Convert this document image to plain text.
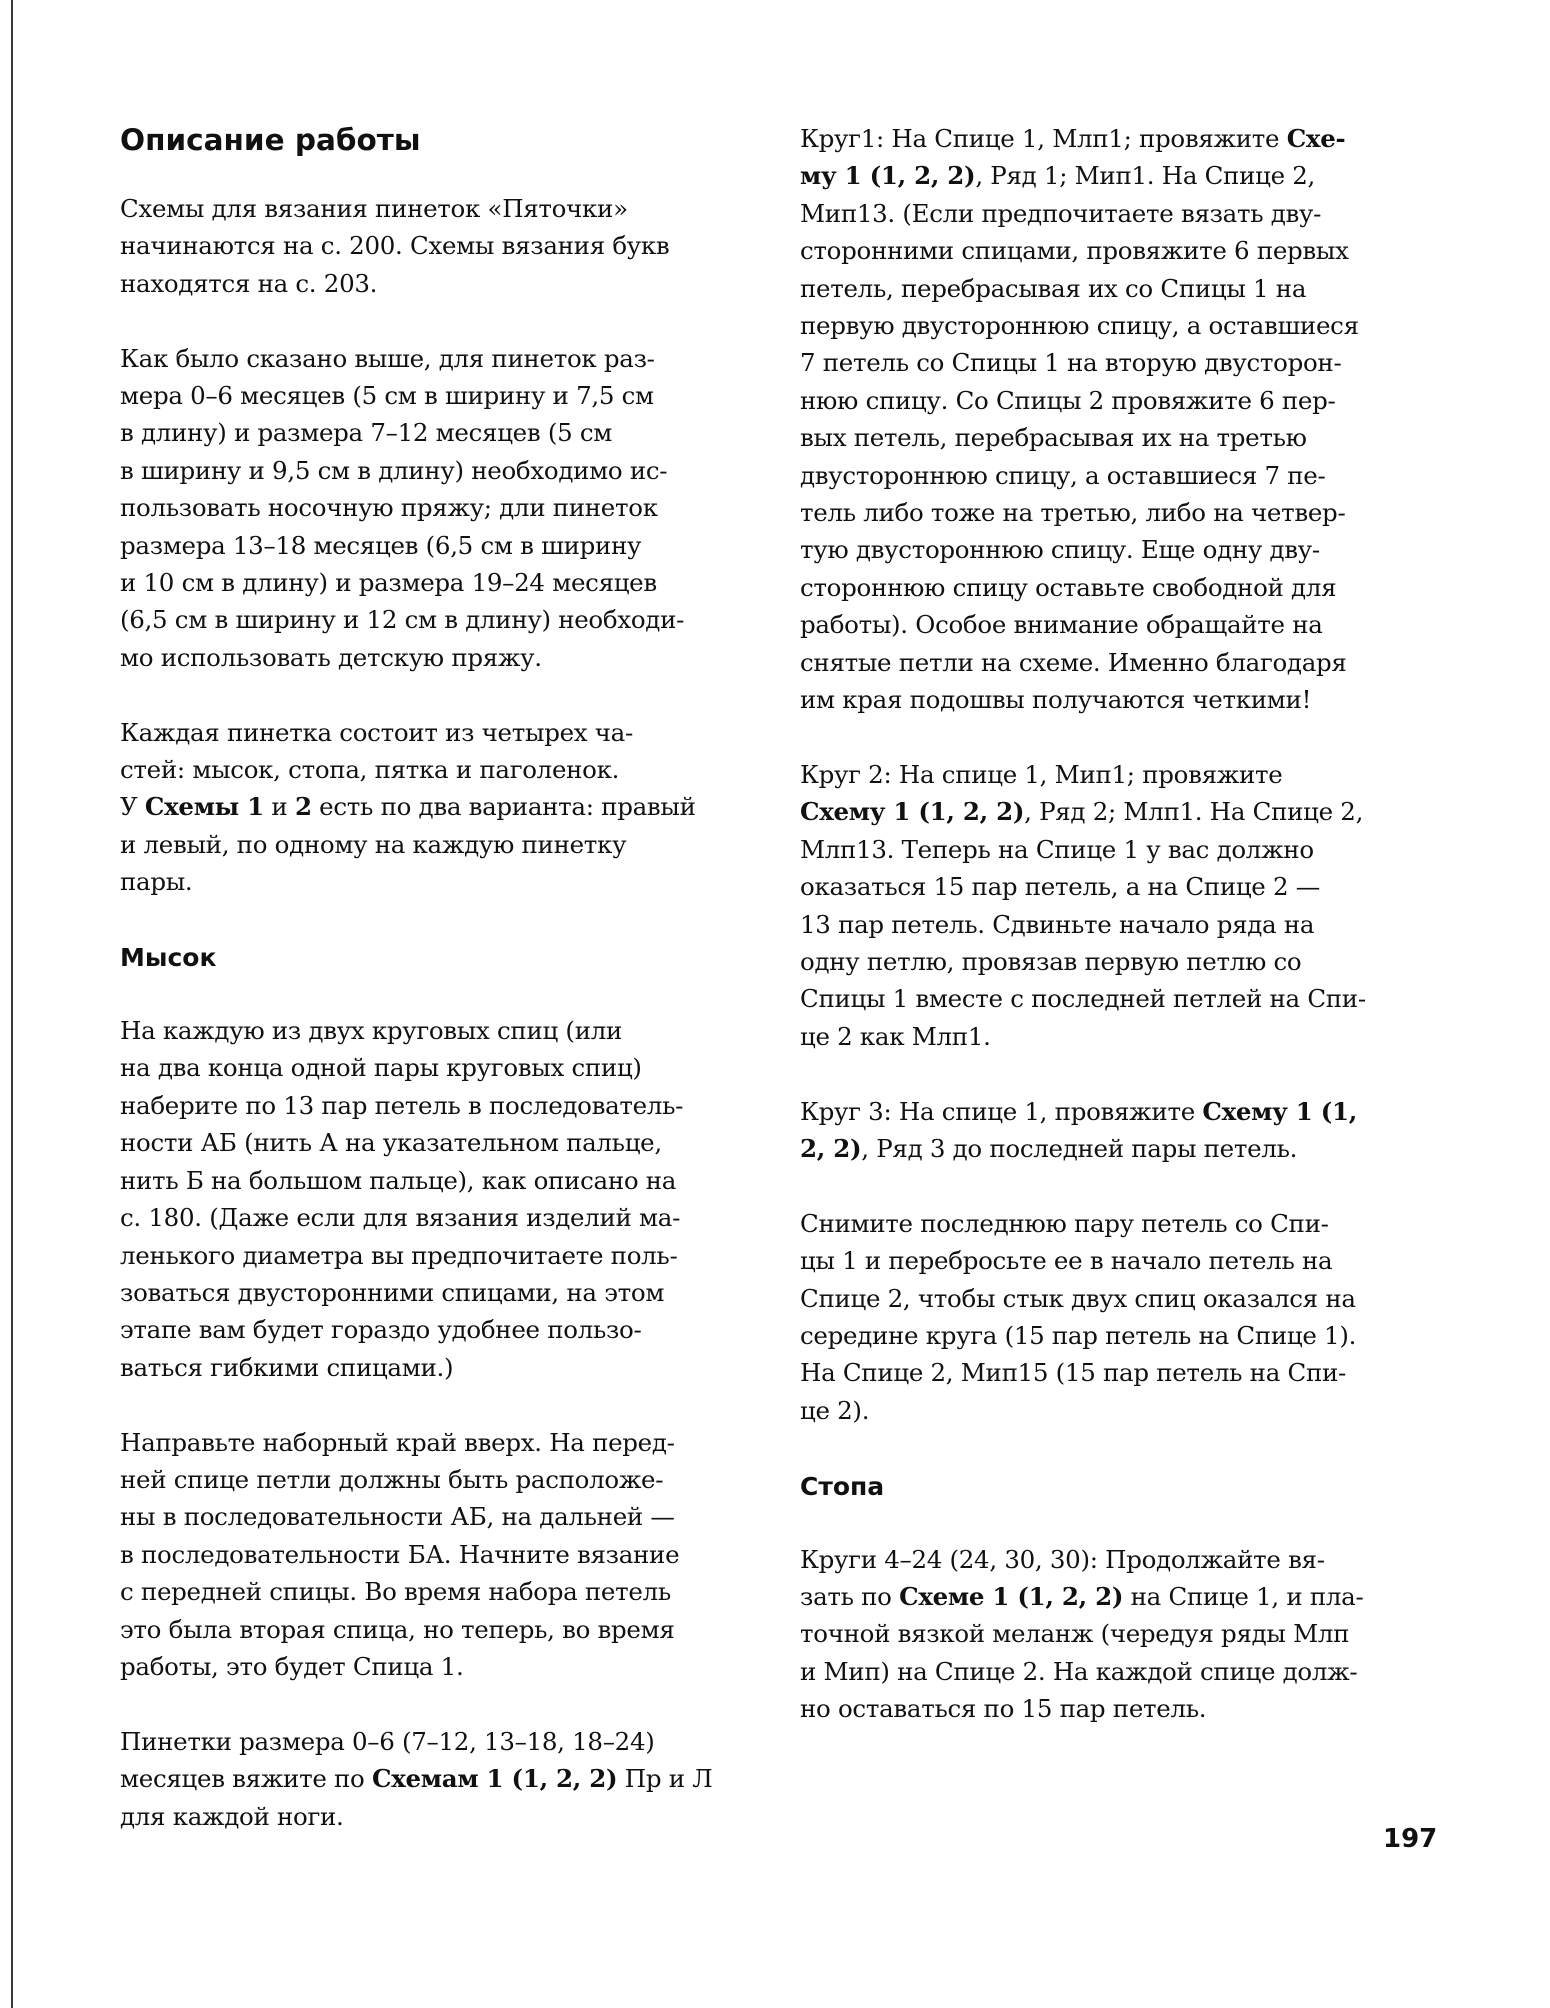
Описание работы
Схемы для вязания пинеток «Пяточки»
начинаются на с. 200. Схемы вязания букв
находятся на с. 203.
Как было сказано выше, для пинеток раз-
мера 0–6 месяцев (5 см в ширину и 7,5 см
в длину) и размера 7–12 месяцев (5 см
в ширину и 9,5 см в длину) необходимо ис-
пользовать носочную пряжу; дли пинеток
размера 13–18 месяцев (6,5 см в ширину
и 10 см в длину) и размера 19–24 месяцев
(6,5 см в ширину и 12 см в длину) необходи-
мо использовать детскую пряжу.
Каждая пинетка состоит из четырех ча-
стей: мысок, стопа, пятка и паголенок.
У Схемы 1 и 2 есть по два варианта: правый
и левый, по одному на каждую пинетку
пары.
Мысок
На каждую из двух круговых спиц (или
на два конца одной пары круговых спиц)
наберите по 13 пар петель в последователь-
ности АБ (нить А на указательном пальце,
нить Б на большом пальце), как описано на
с. 180. (Даже если для вязания изделий ма-
ленького диаметра вы предпочитаете поль-
зоваться двусторонними спицами, на этом
этапе вам будет гораздо удобнее пользо-
ваться гибкими спицами.)
Направьте наборный край вверх. На перед-
ней спице петли должны быть расположе-
ны в последовательности АБ, на дальней —
в последовательности БА. Начните вязание
с передней спицы. Во время набора петель
это была вторая спица, но теперь, во время
работы, это будет Спица 1.
Пинетки размера 0–6 (7–12, 13–18, 18–24)
месяцев вяжите по Схемам 1 (1, 2, 2) Пр и Л
для каждой ноги.
Круг1: На Спице 1, Млп1; провяжите Схе-
му 1 (1, 2, 2), Ряд 1; Мип1. На Спице 2,
Мип13. (Если предпочитаете вязать дву-
сторонними спицами, провяжите 6 первых
петель, перебрасывая их со Спицы 1 на
первую двустороннюю спицу, а оставшиеся
7 петель со Спицы 1 на вторую двусторон-
нюю спицу. Со Спицы 2 провяжите 6 пер-
вых петель, перебрасывая их на третью
двустороннюю спицу, а оставшиеся 7 пе-
тель либо тоже на третью, либо на четвер-
тую двустороннюю спицу. Еще одну дву-
стороннюю спицу оставьте свободной для
работы). Особое внимание обращайте на
снятые петли на схеме. Именно благодаря
им края подошвы получаются четкими!
Круг 2: На спице 1, Мип1; провяжите
Схему 1 (1, 2, 2), Ряд 2; Млп1. На Спице 2,
Млп13. Теперь на Спице 1 у вас должно
оказаться 15 пар петель, а на Спице 2 —
13 пар петель. Сдвиньте начало ряда на
одну петлю, провязав первую петлю со
Спицы 1 вместе с последней петлей на Спи-
це 2 как Млп1.
Круг 3: На спице 1, провяжите Схему 1 (1,
2, 2), Ряд 3 до последней пары петель.
Снимите последнюю пару петель со Спи-
цы 1 и перебросьте ее в начало петель на
Спице 2, чтобы стык двух спиц оказался на
середине круга (15 пар петель на Спице 1).
На Спице 2, Мип15 (15 пар петель на Спи-
це 2).
Стопа
Круги 4–24 (24, 30, 30): Продолжайте вя-
зать по Схеме 1 (1, 2, 2) на Спице 1, и пла-
точной вязкой меланж (чередуя ряды Млп
и Мип) на Спице 2. На каждой спице долж-
но оставаться по 15 пар петель.
197
